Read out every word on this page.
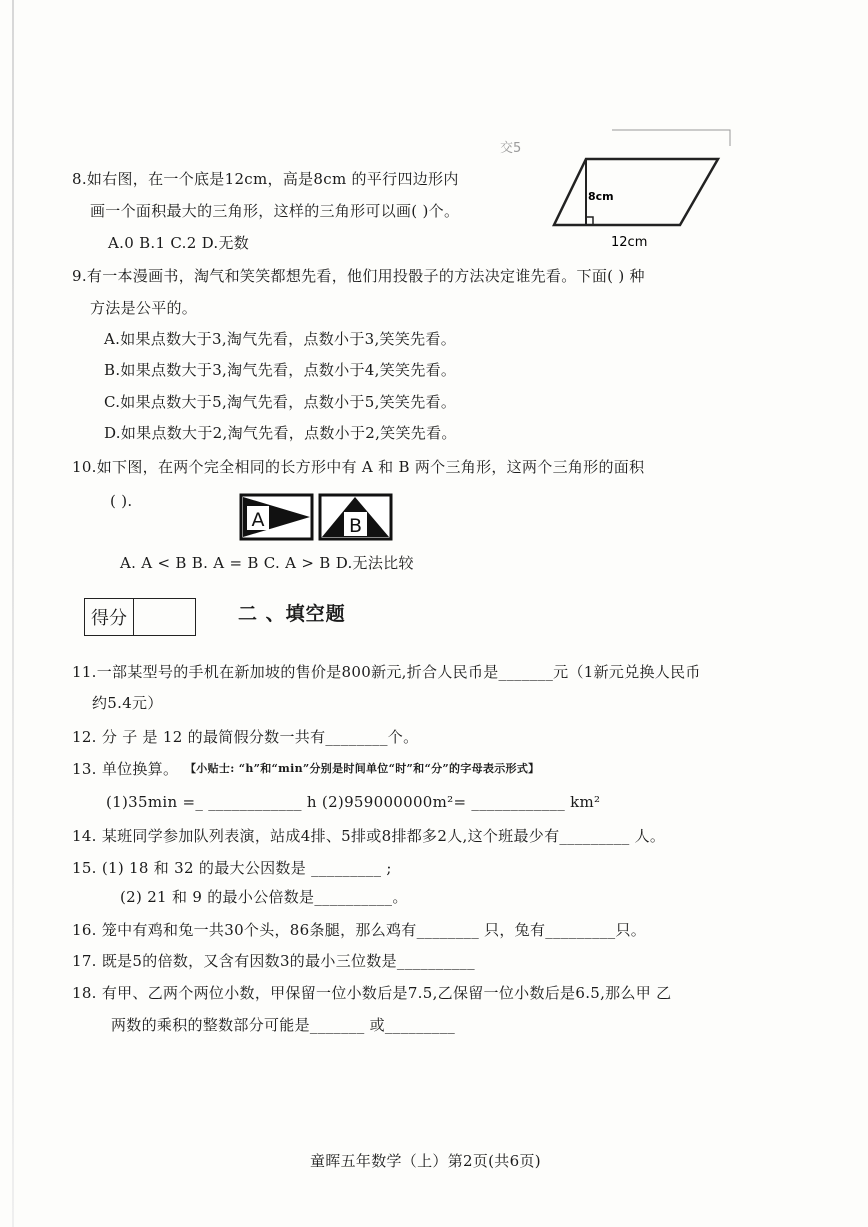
8.如右图，在一个底是12cm，高是8cm 的平行四边形内
画一个面积最大的三角形，这样的三角形可以画( )个。
A.0 B.1 C.2 D.无数
交5
8cm
12cm
9.有一本漫画书，淘气和笑笑都想先看，他们用投骰子的方法决定谁先看。下面( ) 种
方法是公平的。
A.如果点数大于3,淘气先看，点数小于3,笑笑先看。
B.如果点数大于3,淘气先看，点数小于4,笑笑先看。
C.如果点数大于5,淘气先看，点数小于5,笑笑先看。
D.如果点数大于2,淘气先看，点数小于2,笑笑先看。
10.如下图，在两个完全相同的长方形中有 A 和 B 两个三角形，这两个三角形的面积
( ).
A	B
A. A < B B. A = B C. A > B D.无法比较
得分	二 、填空题
11.一部某型号的手机在新加坡的售价是800新元,折合人民币是_______元（1新元兑换人民币
约5.4元）
12. 分 子 是 12 的最简假分数一共有________个。
13. 单位换算。 【小贴士: “h”和“min”分别是时间单位“时”和“分”的字母表示形式】
(1)35min =_ ____________ h (2)959000000m²= ____________ km²
14. 某班同学参加队列表演，站成4排、5排或8排都多2人,这个班最少有_________ 人。
15. (1) 18 和 32 的最大公因数是 _________ ;
(2) 21 和 9 的最小公倍数是__________。
16. 笼中有鸡和兔一共30个头，86条腿，那么鸡有________ 只，兔有_________只。
17. 既是5的倍数，又含有因数3的最小三位数是__________
18. 有甲、乙两个两位小数，甲保留一位小数后是7.5,乙保留一位小数后是6.5,那么甲 乙
两数的乘积的整数部分可能是_______ 或_________
童晖五年数学（上）第2页(共6页)
